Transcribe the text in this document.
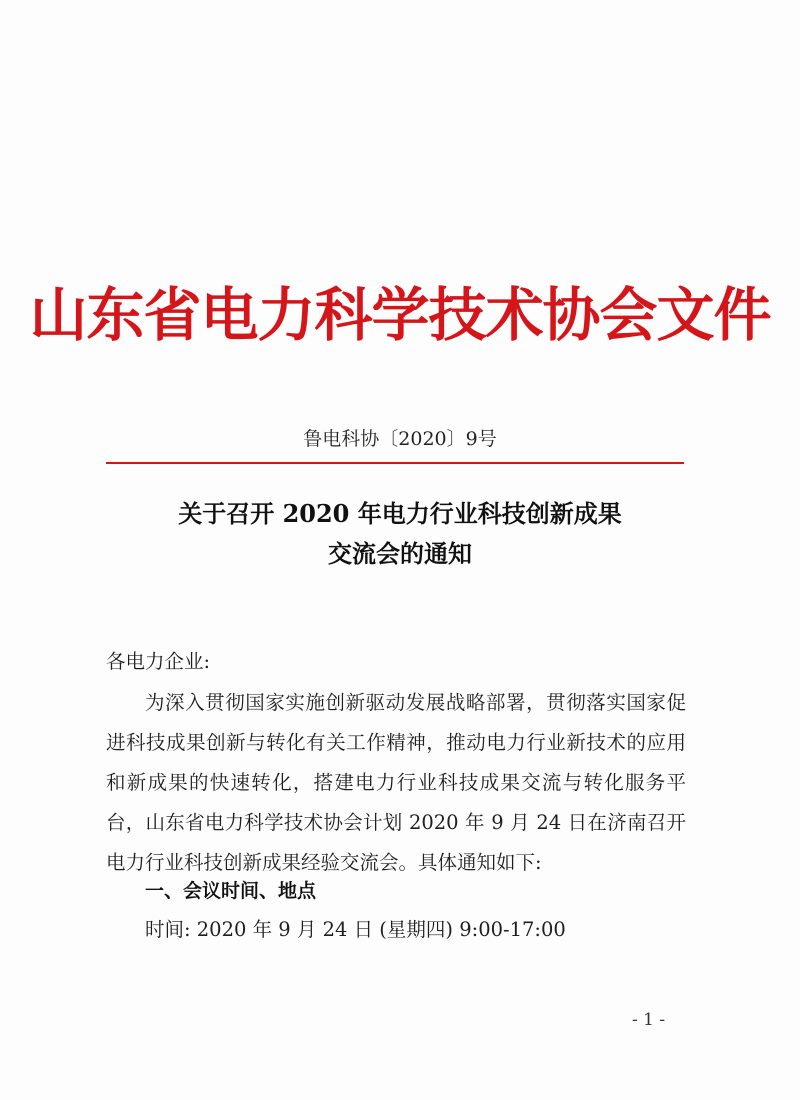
山东省电力科学技术协会文件
鲁电科协〔2020〕9号
关于召开 2020 年电力行业科技创新成果
交流会的通知
各电力企业:
为深入贯彻国家实施创新驱动发展战略部署，贯彻落实国家促进科技成果创新与转化有关工作精神，推动电力行业新技术的应用和新成果的快速转化，搭建电力行业科技成果交流与转化服务平台，山东省电力科学技术协会计划 2020 年 9 月 24 日在济南召开电力行业科技创新成果经验交流会。具体通知如下:
一、会议时间、地点
时间: 2020 年 9 月 24 日 (星期四) 9:00-17:00
- 1 -
